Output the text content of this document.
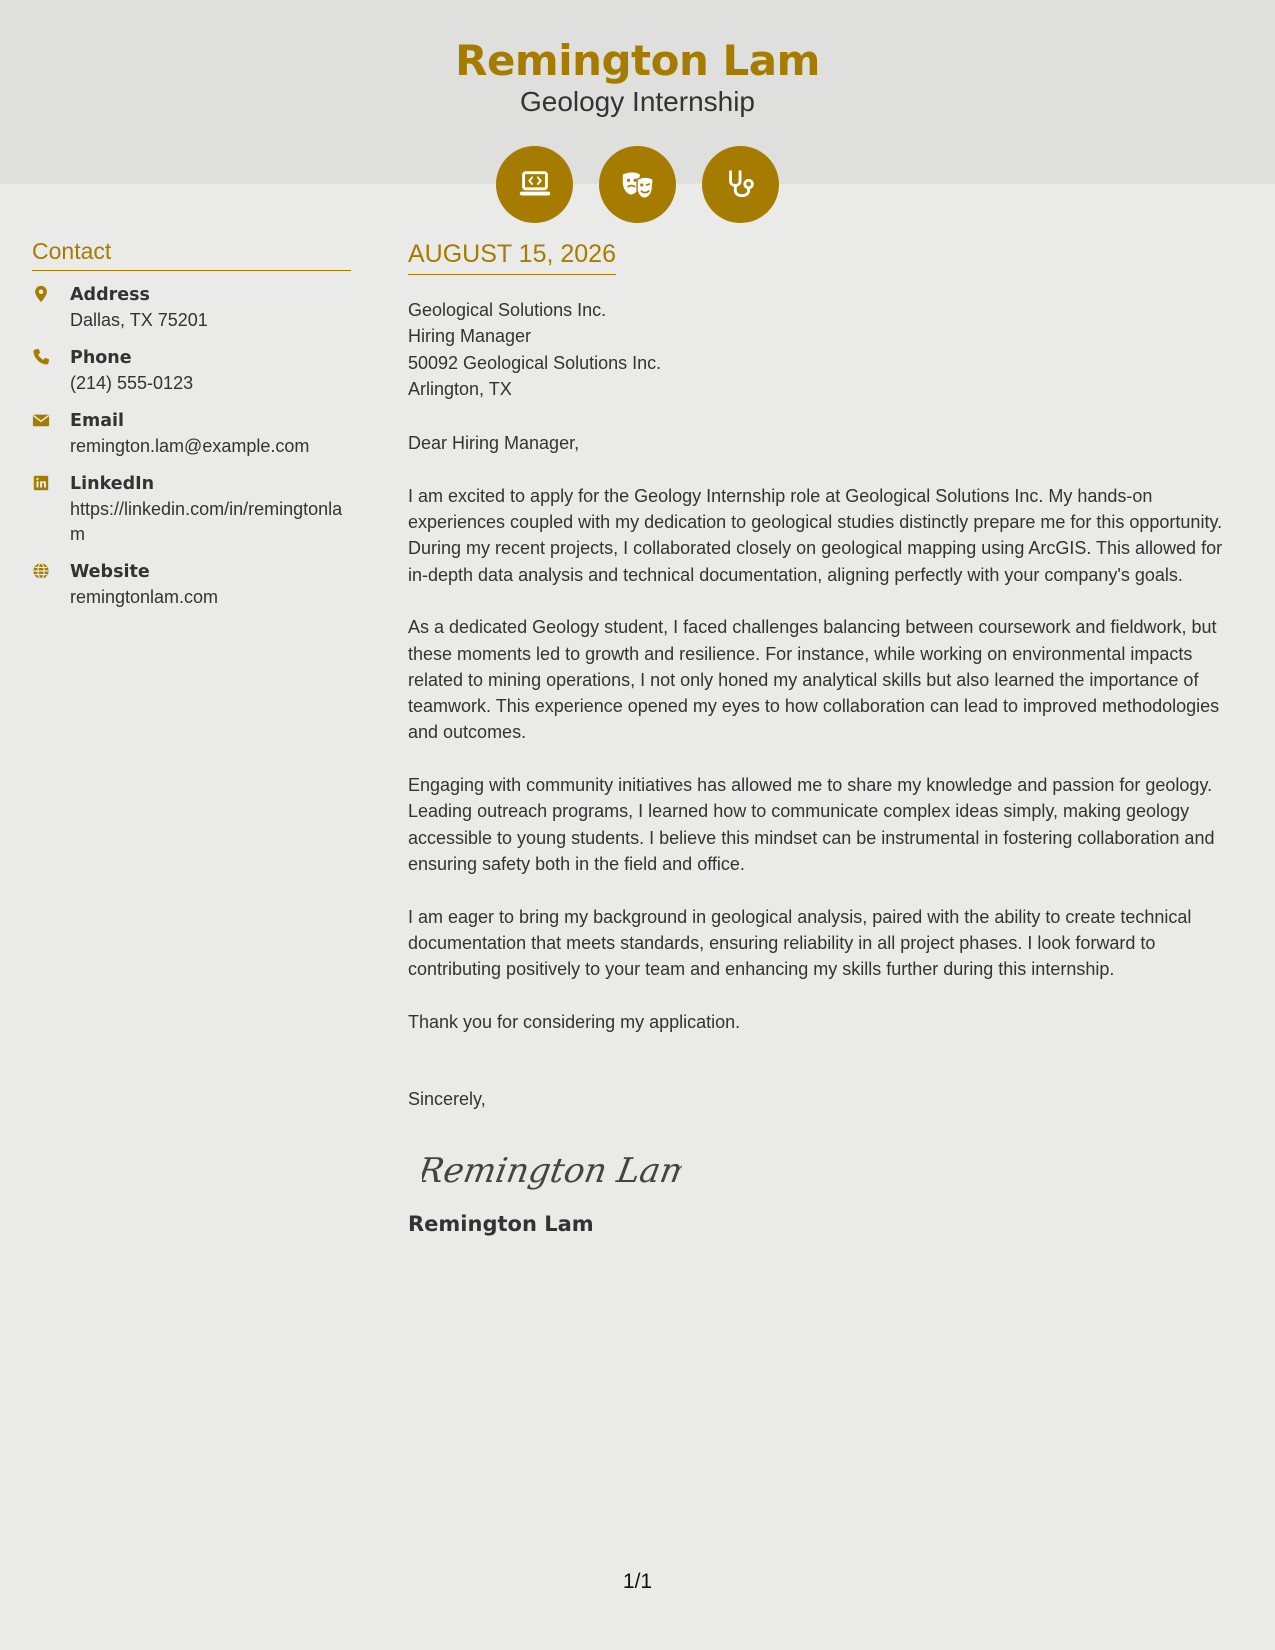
Remington Lam
Geology Internship
Contact
Address
Dallas, TX 75201
Phone
(214) 555-0123
Email
remington.lam@example.com
LinkedIn
https://linkedin.com/in/remingtonlam
Website
remingtonlam.com
AUGUST 15, 2026
Geological Solutions Inc.
Hiring Manager
50092 Geological Solutions Inc.
Arlington, TX
Dear Hiring Manager,
I am excited to apply for the Geology Internship role at Geological Solutions Inc. My hands-on experiences coupled with my dedication to geological studies distinctly prepare me for this opportunity. During my recent projects, I collaborated closely on geological mapping using ArcGIS. This allowed for in-depth data analysis and technical documentation, aligning perfectly with your company's goals.
As a dedicated Geology student, I faced challenges balancing between coursework and fieldwork, but these moments led to growth and resilience. For instance, while working on environmental impacts related to mining operations, I not only honed my analytical skills but also learned the importance of teamwork. This experience opened my eyes to how collaboration can lead to improved methodologies and outcomes.
Engaging with community initiatives has allowed me to share my knowledge and passion for geology. Leading outreach programs, I learned how to communicate complex ideas simply, making geology accessible to young students. I believe this mindset can be instrumental in fostering collaboration and ensuring safety both in the field and office.
I am eager to bring my background in geological analysis, paired with the ability to create technical documentation that meets standards, ensuring reliability in all project phases. I look forward to contributing positively to your team and enhancing my skills further during this internship.
Thank you for considering my application.
Sincerely,
Remington Lam
Remington Lam
1/1
